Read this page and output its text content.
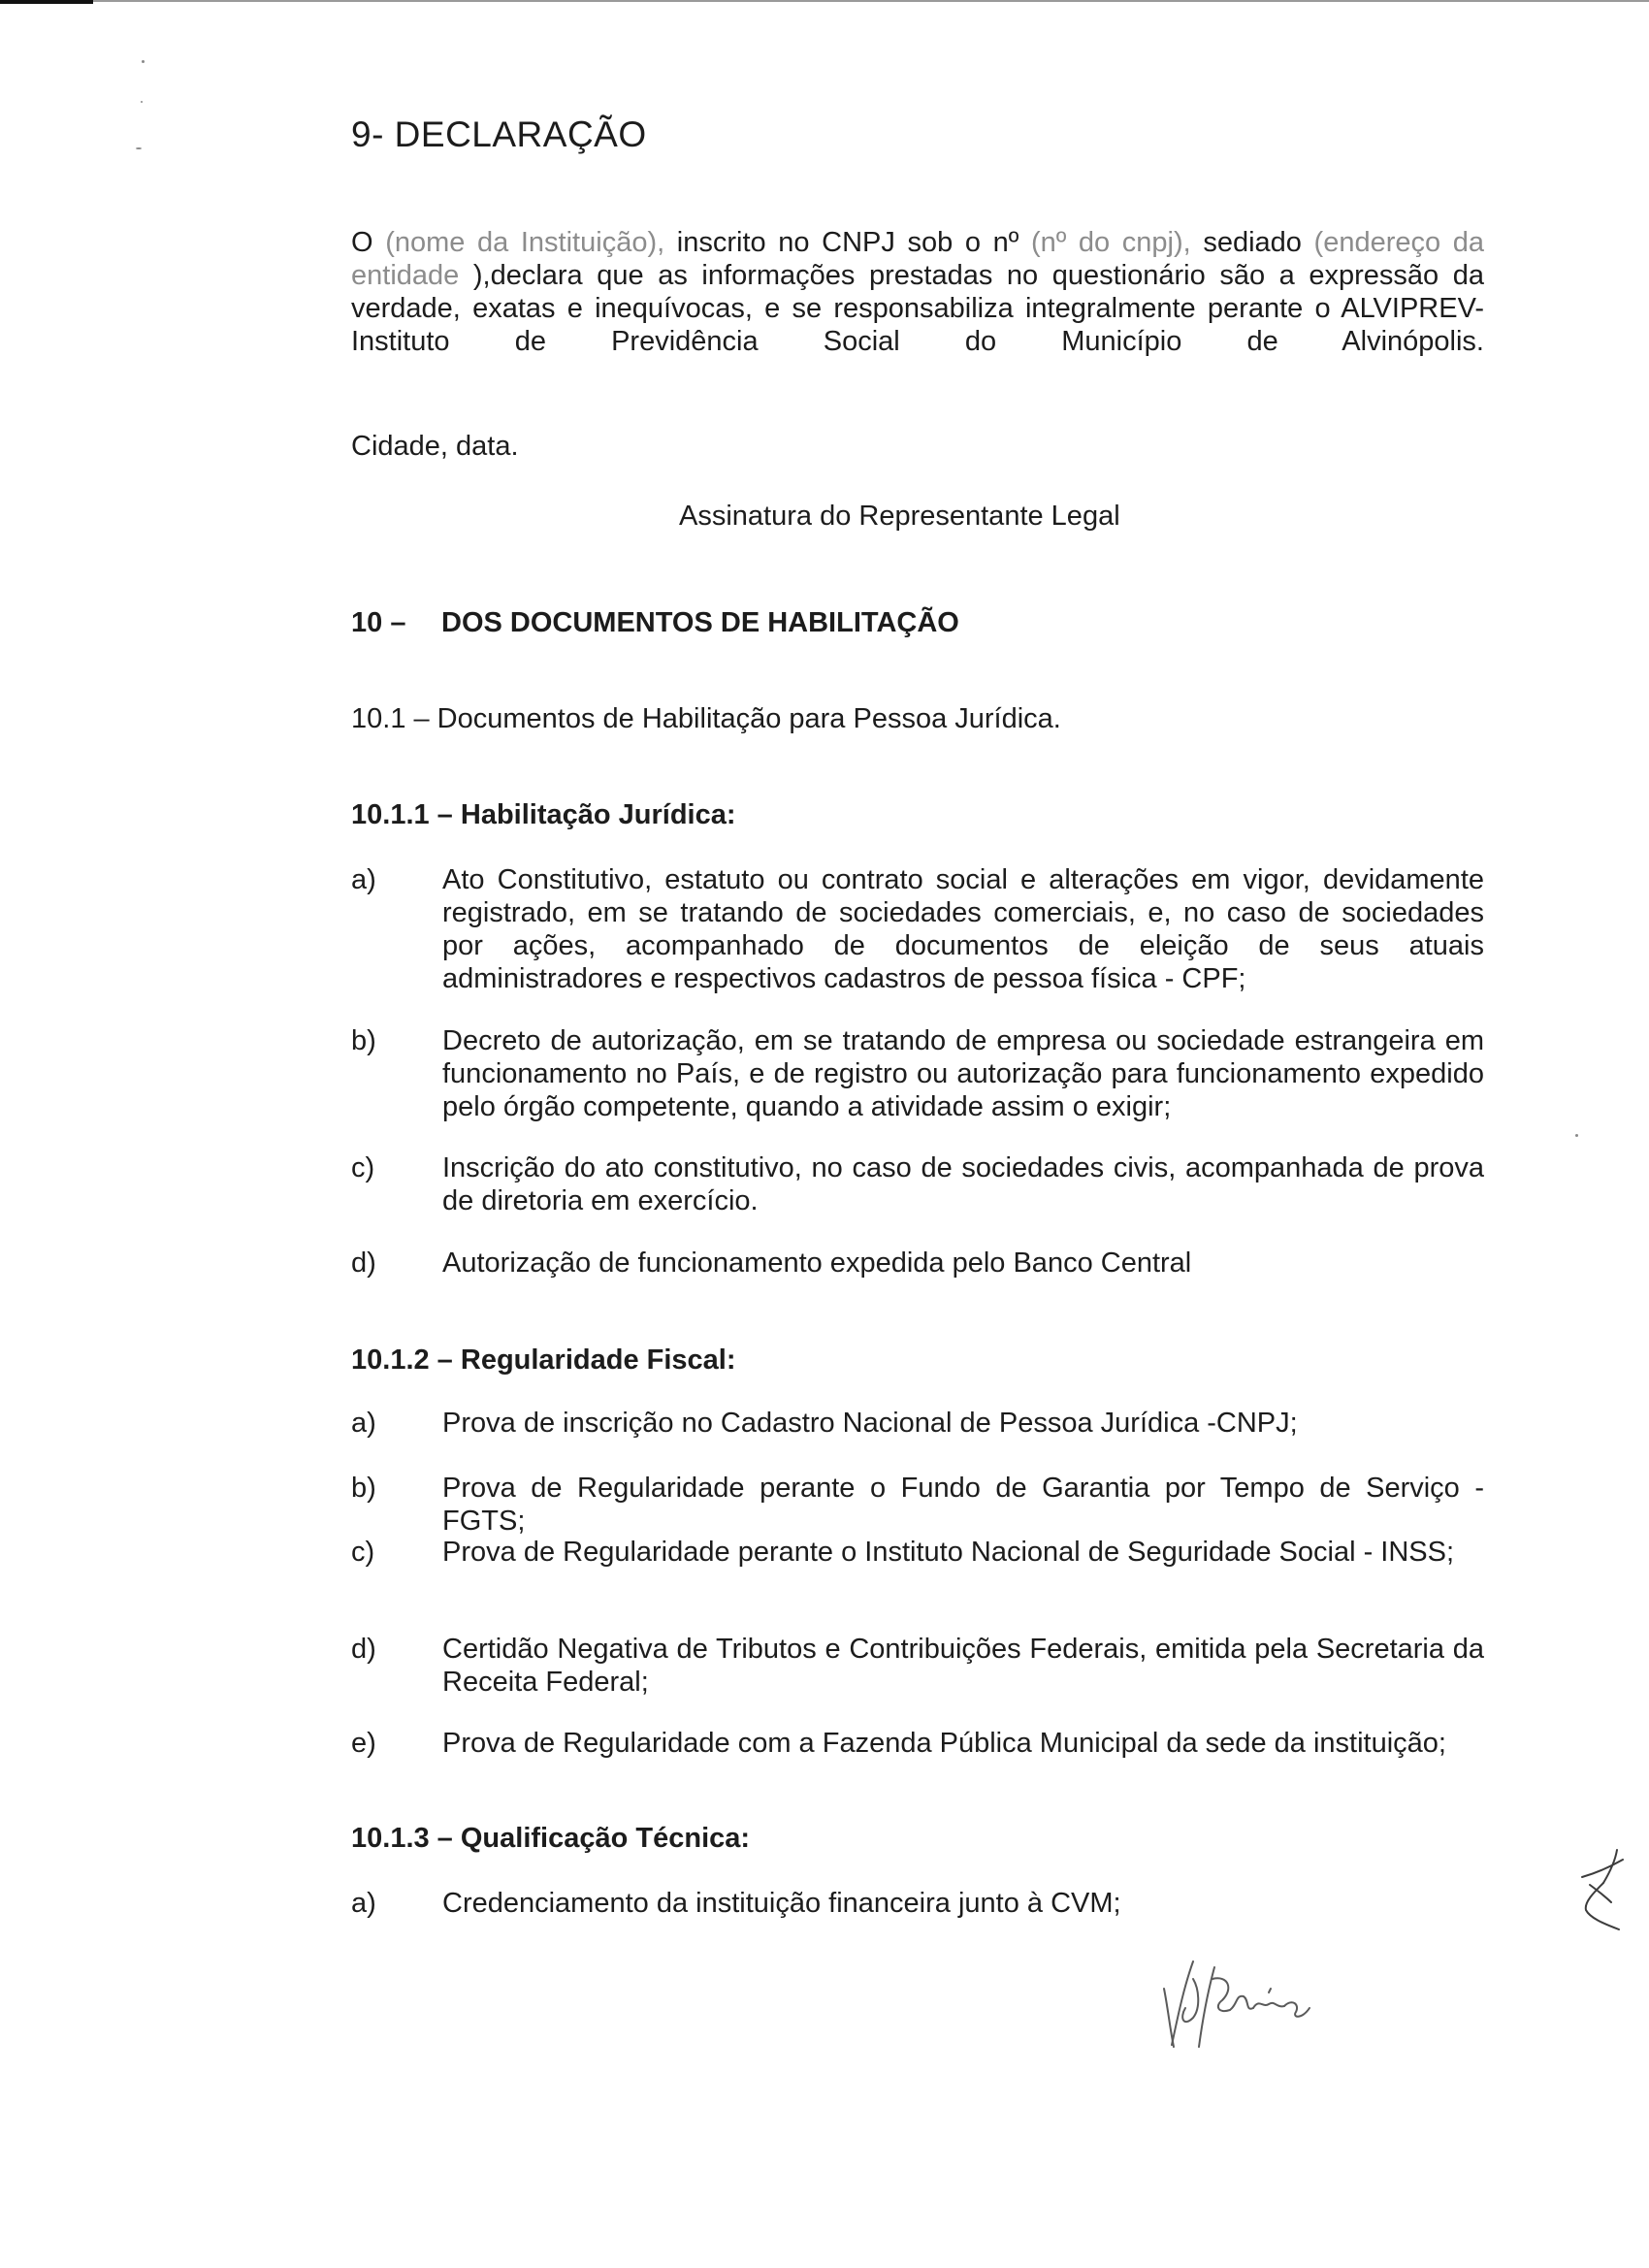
9- DECLARAÇÃO
O (nome da Instituição), inscrito no CNPJ sob o nº (nº do cnpj), sediado (endereço da entidade ),declara que as informações prestadas no questionário são a expressão da verdade, exatas e inequívocas, e se responsabiliza integralmente perante o ALVIPREV- Instituto de Previdência Social do Município de Alvinópolis.
Cidade, data.
Assinatura do Representante Legal
10 – DOS DOCUMENTOS DE HABILITAÇÃO
10.1 – Documentos de Habilitação para Pessoa Jurídica.
10.1.1 – Habilitação Jurídica:
a) Ato Constitutivo, estatuto ou contrato social e alterações em vigor, devidamente registrado, em se tratando de sociedades comerciais, e, no caso de sociedades por ações, acompanhado de documentos de eleição de seus atuais administradores e respectivos cadastros de pessoa física - CPF;
b) Decreto de autorização, em se tratando de empresa ou sociedade estrangeira em funcionamento no País, e de registro ou autorização para funcionamento expedido pelo órgão competente, quando a atividade assim o exigir;
c) Inscrição do ato constitutivo, no caso de sociedades civis, acompanhada de prova de diretoria em exercício.
d) Autorização de funcionamento expedida pelo Banco Central
10.1.2 – Regularidade Fiscal:
a) Prova de inscrição no Cadastro Nacional de Pessoa Jurídica -CNPJ;
b) Prova de Regularidade perante o Fundo de Garantia por Tempo de Serviço - FGTS;
c) Prova de Regularidade perante o Instituto Nacional de Seguridade Social - INSS;
d) Certidão Negativa de Tributos e Contribuições Federais, emitida pela Secretaria da Receita Federal;
e) Prova de Regularidade com a Fazenda Pública Municipal da sede da instituição;
10.1.3 – Qualificação Técnica:
a) Credenciamento da instituição financeira junto à CVM;
